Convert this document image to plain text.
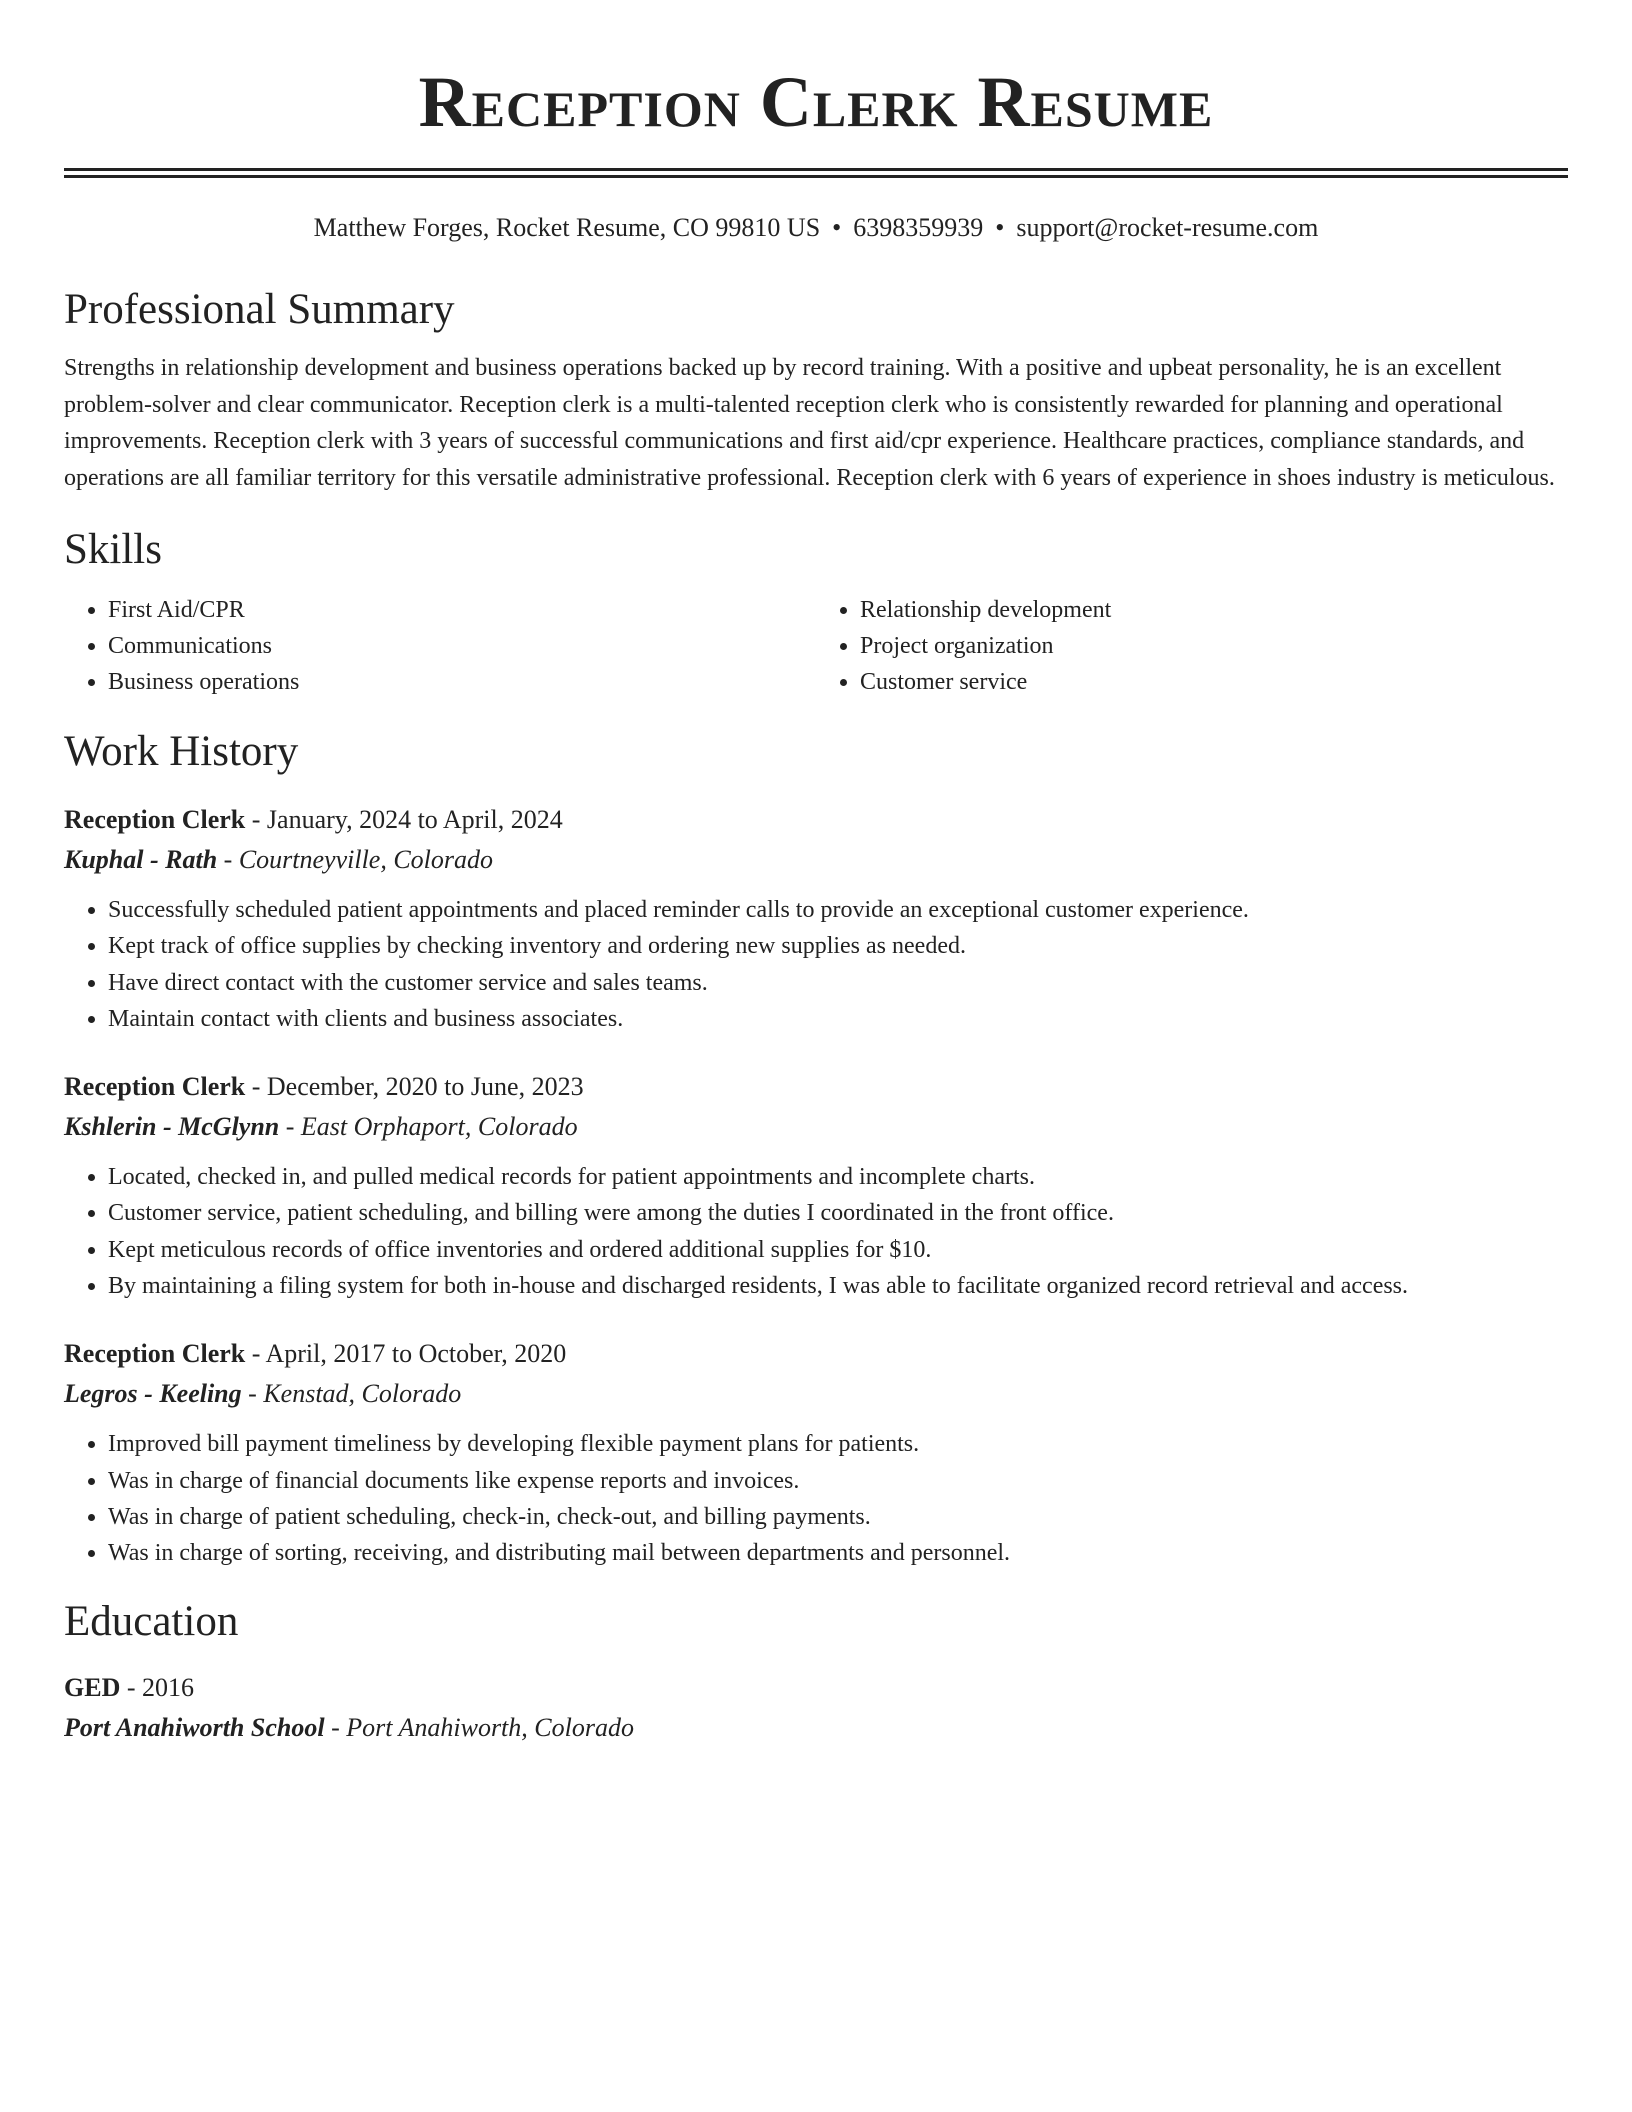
Reception Clerk Resume
Matthew Forges, Rocket Resume, CO 99810 US • 6398359939 • support@rocket-resume.com
Professional Summary

Strengths in relationship development and business operations backed up by record training. With a positive and upbeat personality, he is an excellent problem-solver and clear communicator. Reception clerk is a multi-talented reception clerk who is consistently rewarded for planning and operational improvements. Reception clerk with 3 years of successful communications and first aid/cpr experience. Healthcare practices, compliance standards, and operations are all familiar territory for this versatile administrative professional. Reception clerk with 6 years of experience in shoes industry is meticulous.

Skills
• First Aid/CPR
• Communications
• Business operations
• Relationship development
• Project organization
• Customer service
Work History
Reception Clerk - January, 2024 to April, 2024
Kuphal - Rath - Courtneyville, Colorado
• Successfully scheduled patient appointments and placed reminder calls to provide an exceptional customer experience.
• Kept track of office supplies by checking inventory and ordering new supplies as needed.
• Have direct contact with the customer service and sales teams.
• Maintain contact with clients and business associates.
Reception Clerk - December, 2020 to June, 2023
Kshlerin - McGlynn - East Orphaport, Colorado
• Located, checked in, and pulled medical records for patient appointments and incomplete charts.
• Customer service, patient scheduling, and billing were among the duties I coordinated in the front office.
• Kept meticulous records of office inventories and ordered additional supplies for $10.
• By maintaining a filing system for both in-house and discharged residents, I was able to facilitate organized record retrieval and access.
Reception Clerk - April, 2017 to October, 2020
Legros - Keeling - Kenstad, Colorado
• Improved bill payment timeliness by developing flexible payment plans for patients.
• Was in charge of financial documents like expense reports and invoices.
• Was in charge of patient scheduling, check-in, check-out, and billing payments.
• Was in charge of sorting, receiving, and distributing mail between departments and personnel.
Education
GED - 2016
Port Anahiworth School - Port Anahiworth, Colorado
